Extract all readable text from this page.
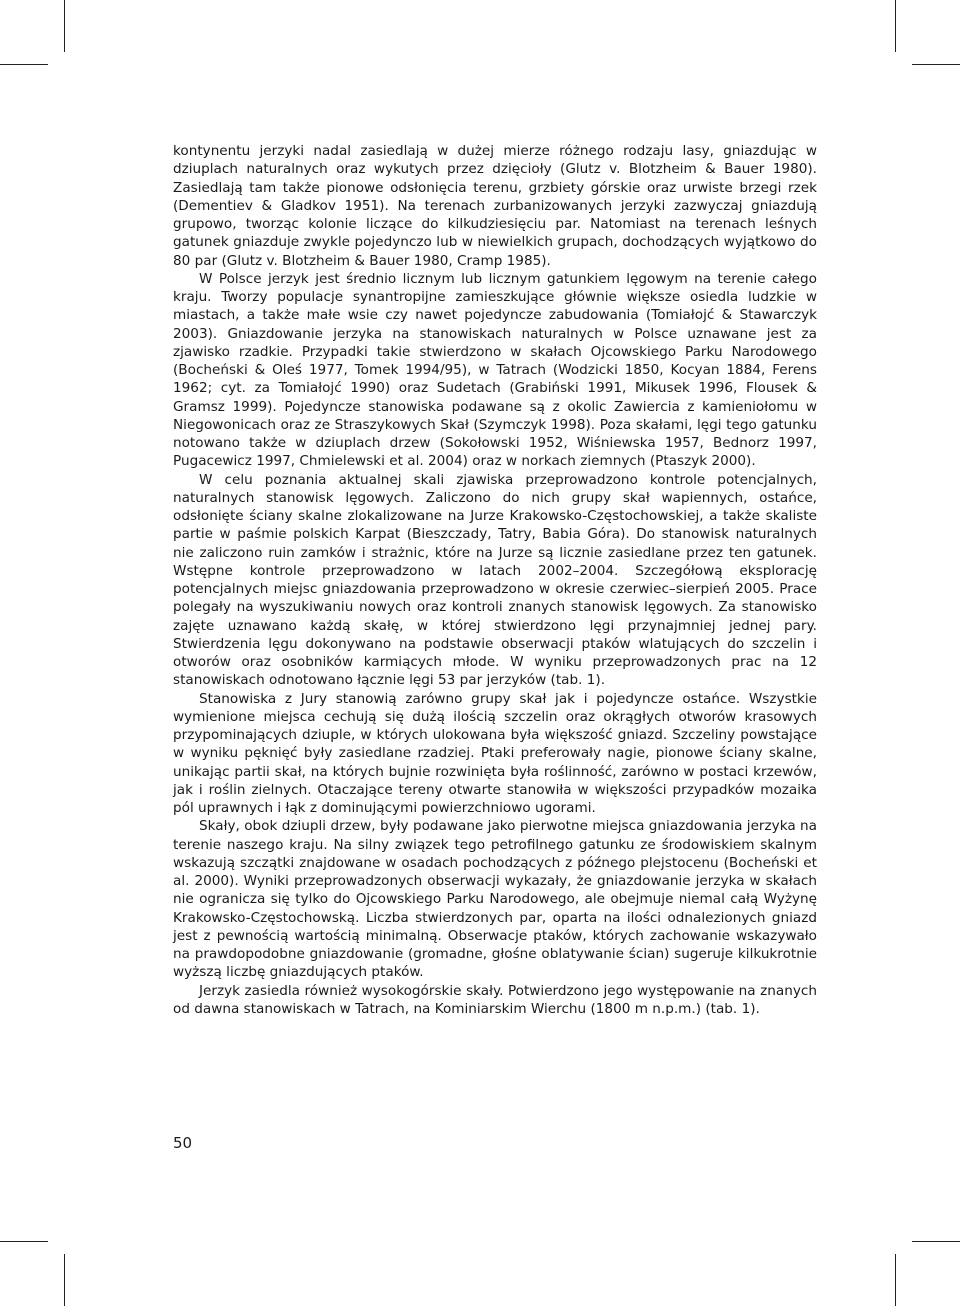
kontynentu jerzyki nadal zasiedlają w dużej mierze różnego rodzaju lasy, gniazdując w dziuplach naturalnych oraz wykutych przez dzięcioły (Glutz v. Blotzheim & Bauer 1980). Zasiedlają tam także pionowe odsłonięcia terenu, grzbiety górskie oraz urwiste brzegi rzek (Dementiev & Gladkov 1951). Na terenach zurbanizowanych jerzyki zazwyczaj gniazdują grupowo, tworząc kolonie liczące do kilkudziesięciu par. Natomiast na terenach leśnych gatunek gniazduje zwykle pojedynczo lub w niewielkich grupach, dochodzących wyjątkowo do 80 par (Glutz v. Blotzheim & Bauer 1980, Cramp 1985).

W Polsce jerzyk jest średnio licznym lub licznym gatunkiem lęgowym na terenie całego kraju. Tworzy populacje synantropijne zamieszkujące głównie większe osiedla ludzkie w miastach, a także małe wsie czy nawet pojedyncze zabudowania (Tomiałojć & Stawarczyk 2003). Gniazdowanie jerzyka na stanowiskach naturalnych w Polsce uznawane jest za zjawisko rzadkie. Przypadki takie stwierdzono w skałach Ojcowskiego Parku Narodowego (Bocheński & Oleś 1977, Tomek 1994/95), w Tatrach (Wodzicki 1850, Kocyan 1884, Ferens 1962; cyt. za Tomiałojć 1990) oraz Sudetach (Grabiński 1991, Mikusek 1996, Flousek & Gramsz 1999). Pojedyncze stanowiska podawane są z okolic Zawiercia z kamieniołomu w Niegowonicach oraz ze Straszykowych Skał (Szymczyk 1998). Poza skałami, lęgi tego gatunku notowano także w dziuplach drzew (Sokołowski 1952, Wiśniewska 1957, Bednorz 1997, Pugacewicz 1997, Chmielewski et al. 2004) oraz w norkach ziemnych (Ptaszyk 2000).

W celu poznania aktualnej skali zjawiska przeprowadzono kontrole potencjalnych, naturalnych stanowisk lęgowych. Zaliczono do nich grupy skał wapiennych, ostańce, odsłonięte ściany skalne zlokalizowane na Jurze Krakowsko-Częstochowskiej, a także skaliste partie w paśmie polskich Karpat (Bieszczady, Tatry, Babia Góra). Do stanowisk naturalnych nie zaliczono ruin zamków i strażnic, które na Jurze są licznie zasiedlane przez ten gatunek. Wstępne kontrole przeprowadzono w latach 2002–2004. Szczegółową eksplorację potencjalnych miejsc gniazdowania przeprowadzono w okresie czerwiec–sierpień 2005. Prace polegały na wyszukiwaniu nowych oraz kontroli znanych stanowisk lęgowych. Za stanowisko zajęte uznawano każdą skałę, w której stwierdzono lęgi przynajmniej jednej pary. Stwierdzenia lęgu dokonywano na podstawie obserwacji ptaków wlatujących do szczelin i otworów oraz osobników karmiących młode. W wyniku przeprowadzonych prac na 12 stanowiskach odnotowano łącznie lęgi 53 par jerzyków (tab. 1).

Stanowiska z Jury stanowią zarówno grupy skał jak i pojedyncze ostańce. Wszystkie wymienione miejsca cechują się dużą ilością szczelin oraz okrągłych otworów krasowych przypominających dziuple, w których ulokowana była większość gniazd. Szczeliny powstające w wyniku pęknięć były zasiedlane rzadziej. Ptaki preferowały nagie, pionowe ściany skalne, unikając partii skał, na których bujnie rozwinięta była roślinność, zarówno w postaci krzewów, jak i roślin zielnych. Otaczające tereny otwarte stanowiła w większości przypadków mozaika pól uprawnych i łąk z dominującymi powierzchniowo ugorami.

Skały, obok dziupli drzew, były podawane jako pierwotne miejsca gniazdowania jerzyka na terenie naszego kraju. Na silny związek tego petrofilnego gatunku ze środowiskiem skalnym wskazują szczątki znajdowane w osadach pochodzących z późnego plejstocenu (Bocheński et al. 2000). Wyniki przeprowadzonych obserwacji wykazały, że gniazdowanie jerzyka w skałach nie ogranicza się tylko do Ojcowskiego Parku Narodowego, ale obejmuje niemal całą Wyżynę Krakowsko-Częstochowską. Liczba stwierdzonych par, oparta na ilości odnalezionych gniazd jest z pewnością wartością minimalną. Obserwacje ptaków, których zachowanie wskazywało na prawdopodobne gniazdowanie (gromadne, głośne oblatywanie ścian) sugeruje kilkukrotnie wyższą liczbę gniazdujących ptaków.

Jerzyk zasiedla również wysokogórskie skały. Potwierdzono jego występowanie na znanych od dawna stanowiskach w Tatrach, na Kominiarskim Wierchu (1800 m n.p.m.) (tab. 1).

50
